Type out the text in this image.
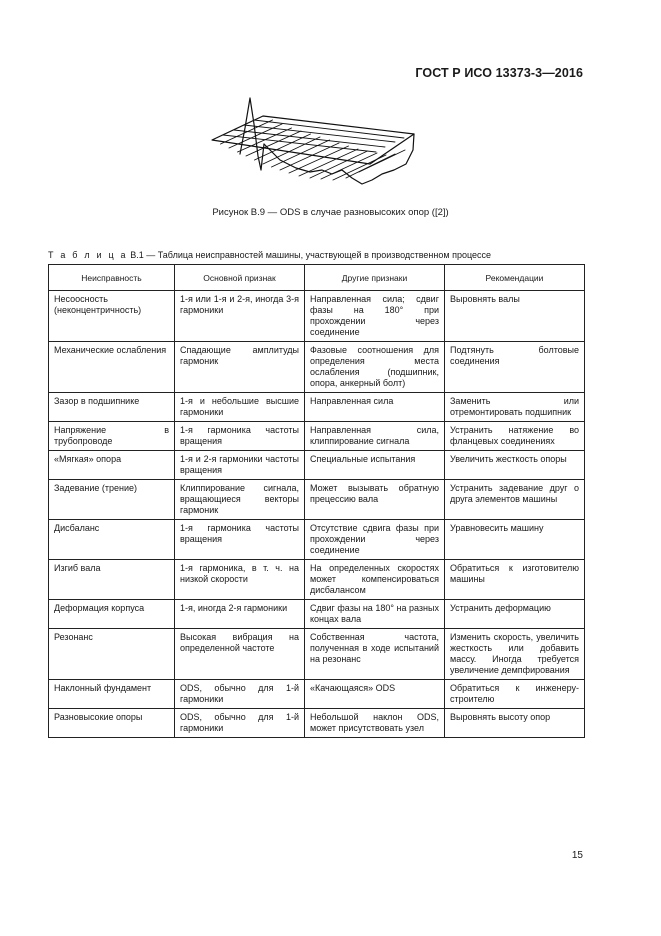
ГОСТ Р ИСО 13373-3—2016
Рисунок B.9 — ODS в случае разновысоких опор ([2])
Т а б л и ц а В.1 — Таблица неисправностей машины, участвующей в производственном процессе
Неисправность	Основной признак	Другие признаки	Рекомендации
Несоосность (неконцентричность)	1-я или 1-я и 2-я, иногда 3-я гармоники	Направленная сила; сдвиг фазы на 180° при прохождении через соединение	Выровнять валы
Механические ослабления	Спадающие амплитуды гармоник	Фазовые соотношения для определения места ослабления (подшипник, опора, анкерный болт)	Подтянуть болтовые соединения
Зазор в подшипнике	1-я и небольшие высшие гармоники	Направленная сила	Заменить или отремонтировать подшипник
Напряжение в трубопроводе	1-я гармоника частоты вращения	Направленная сила, клиппирование сигнала	Устранить натяжение во фланцевых соединениях
«Мягкая» опора	1-я и 2-я гармоники частоты вращения	Специальные испытания	Увеличить жесткость опоры
Задевание (трение)	Клиппирование сигнала, вращающиеся векторы гармоник	Может вызывать обратную прецессию вала	Устранить задевание друг о друга элементов машины
Дисбаланс	1-я гармоника частоты вращения	Отсутствие сдвига фазы при прохождении через соединение	Уравновесить машину
Изгиб вала	1-я гармоника, в т. ч. на низкой скорости	На определенных скоростях может компенсироваться дисбалансом	Обратиться к изготовителю машины
Деформация корпуса	1-я, иногда 2-я гармоники	Сдвиг фазы на 180° на разных концах вала	Устранить деформацию
Резонанс	Высокая вибрация на определенной частоте	Собственная частота, полученная в ходе испытаний на резонанс	Изменить скорость, увеличить жесткость или добавить массу. Иногда требуется увеличение демпфирования
Наклонный фундамент	ODS, обычно для 1-й гармоники	«Качающаяся» ODS	Обратиться к инженеру-строителю
Разновысокие опоры	ODS, обычно для 1-й гармоники	Небольшой наклон ODS, может присутствовать узел	Выровнять высоту опор
15
